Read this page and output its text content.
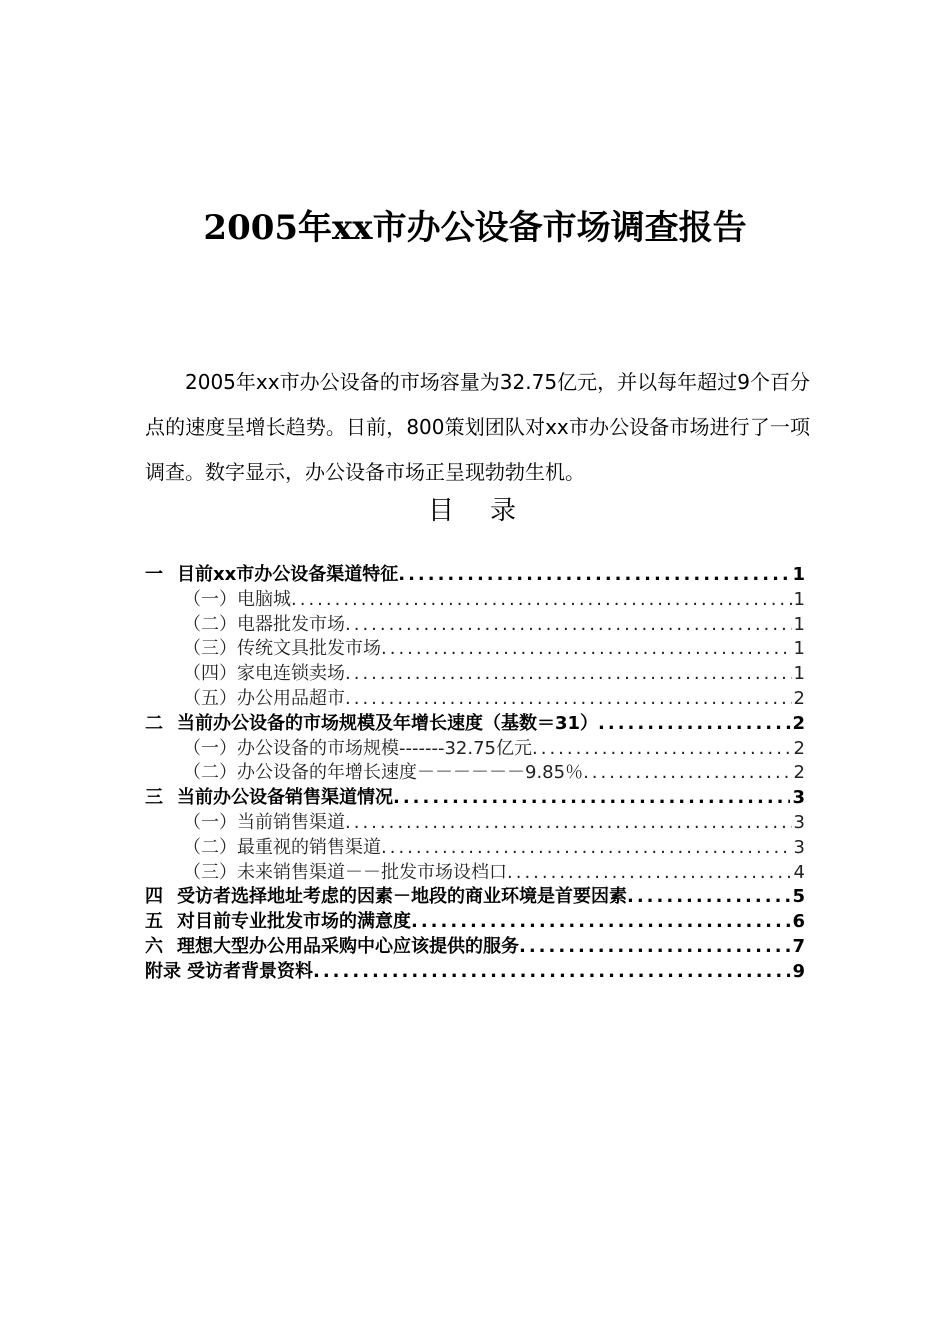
2005年xx市办公设备市场调查报告

2005年xx市办公设备的市场容量为32.75亿元，并以每年超过9个百分点的速度呈增长趋势。日前，800策划团队对xx市办公设备市场进行了一项调查。数字显示，办公设备市场正呈现勃勃生机。

目 录
一 目前xx市办公设备渠道特征 .....	1
（一）电脑城 .....	1
（二）电器批发市场 .....	1
（三）传统文具批发市场 .....	1
（四）家电连锁卖场 .....	1
（五）办公用品超市 .....	2
二 当前办公设备的市场规模及年增长速度（基数＝31） .....	2
（一）办公设备的市场规模-------32.75亿元 .....	2
（二）办公设备的年增长速度－－－－－－9.85％ .....	2
三 当前办公设备销售渠道情况 .....	3
（一）当前销售渠道 .....	3
（二）最重视的销售渠道 .....	3
（三）未来销售渠道－－批发市场设档口 .....	4
四 受访者选择地址考虑的因素－地段的商业环境是首要因素 .....	5
五 对目前专业批发市场的满意度 .....	6
六 理想大型办公用品采购中心应该提供的服务 .....	7
附录 受访者背景资料 .....	9
